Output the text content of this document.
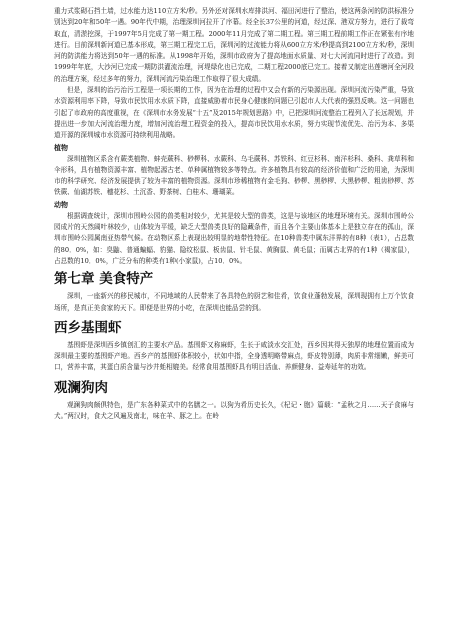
重力式浆砌石挡土墙，过水能力达110立方米/秒。另外还对深圳水库排洪河、福田河进行了整治，使这两条河的防洪标准分别达到20年和50年一遇。90年代中期，治理深圳河拉开了序幕。经全长37公里的河道，经过深、港双方努力，进行了裁弯取直，清淤挖深，于1997年5月完成了第一期工程。2000年11月完成了第二期工程。第三期工程前期工作正在紧张有序地进行。目前深圳新河道已基本形成，第三期工程完工后，深圳河的过流能力将从600立方米/秒提高到2100立方米/秒，深圳河的防洪能力将达到50年一遇的标准。从1998年开始，深圳市政府为了提高地面水质量、对七大河流同时进行了改造。到1999年年底，大沙河已完成一期防洪灌流治理，河堤绿化也已完成，二期工程2000底已完工。接着又制定出莲塘河全河段的治理方案，经过多年的努力，深圳河流污染治理工作取得了很大成绩。

但是，深圳的治污治污工程是一项长期的工作，因为在治理的过程中又会有新的污染源出现。深圳河流污染严重，导致水资源利用率下降，导致市民饮用水水质下降，直接威胁着市民身心健康的问题已引起市人大代表的强烈反映。这一问题也引起了市政府的高度重视，在《深圳市水务发展“十五”及2015年规划思路》中，已把深圳河流整治工程列入了长远规划，并提出进一步加大河流治理力度，增加河流治理工程资金的投入，提高市民饮用水水质，努力实现节流优先、治污为本、多渠道开源的深圳城市水资源可持续利用战略。

植物

深圳植物区系含有蕨类植物、蚌壳蕨科、桫椤科、水蕨科、乌毛蕨科、苏铁科、红豆杉科、南洋杉科、桑科、龚草科和伞形科，具有植物资源丰富、植物起源古老、单种属植物较多等特点。许多植物具有较高的经济价值和广泛的用途，为深圳市的科学研究、经济发展提供了较为丰富的植物资源。深圳市珍稀植物有金毛狗、桫椤、黑桫椤、大黑桫椤、粗齿桫椤、苏铁蕨、仙湖苏铁、穗花杉、土沉香、野茶树、白桂木、珊瑚菜。

动物

根据调查统计，深圳市围岭公园的兽类相对较少，尤其是较大型的兽类，这是与该地区的地理环境有关。深圳市围岭公园成片的天然阔叶林较少，山体较为平缓，缺乏大型兽类良好的隐藏条件，而且各个主要山体基本上是独立存在的孤山，深圳市围岭公园属南亚热带气候。在动物区系上表现出较明显的地带性特征。在10种兽类中属东洋界的有8种（表1），占总数的80．0%，如：臭鼬、普通蝙蝠、豹猫、隐纹松鼠、板齿鼠、针毛鼠、黄胸鼠、黄毛鼠；而属古北界的有1种（褐家鼠），占总数的10．0%，广泛分布的种类有1种(小家鼠)，占10．0%。

第七章 美食特产

深圳，一座新兴的移民城市，不同地域的人民带来了各具特色的厨艺和佳肴，饮食业蓬勃发展，深圳现拥有上万个饮食场所，是真正美食家的天下。即便是世界的小吃，在深圳也能品尝的到。

西乡基围虾

基围虾是深圳西乡镇创汇的主要水产品。基围虾又称麻虾，生长于咸淡水交汇处，西乡因其得天独厚的地理位置而成为深圳最主要的基围虾产地。西乡产的基围虾体积较小，状如中指，全身透明略带麻点，虾皮特别薄，肉质非常细嫩，鲜美可口，营养丰富，其蛋白质含量与沙井蚝相媲美。经常食用基围虾具有明目活血、养颜健身、益寿延年的功效。

观澜狗肉

观澜狗肉颇俱特色，是广东各种菜式中的名膳之一。以狗为肴历史长久，《杞记・胞》篇载：“孟秋之月……天子食麻与犬。”两汉时，食犬之风遍及南北，味在羊、豚之上。在岭
